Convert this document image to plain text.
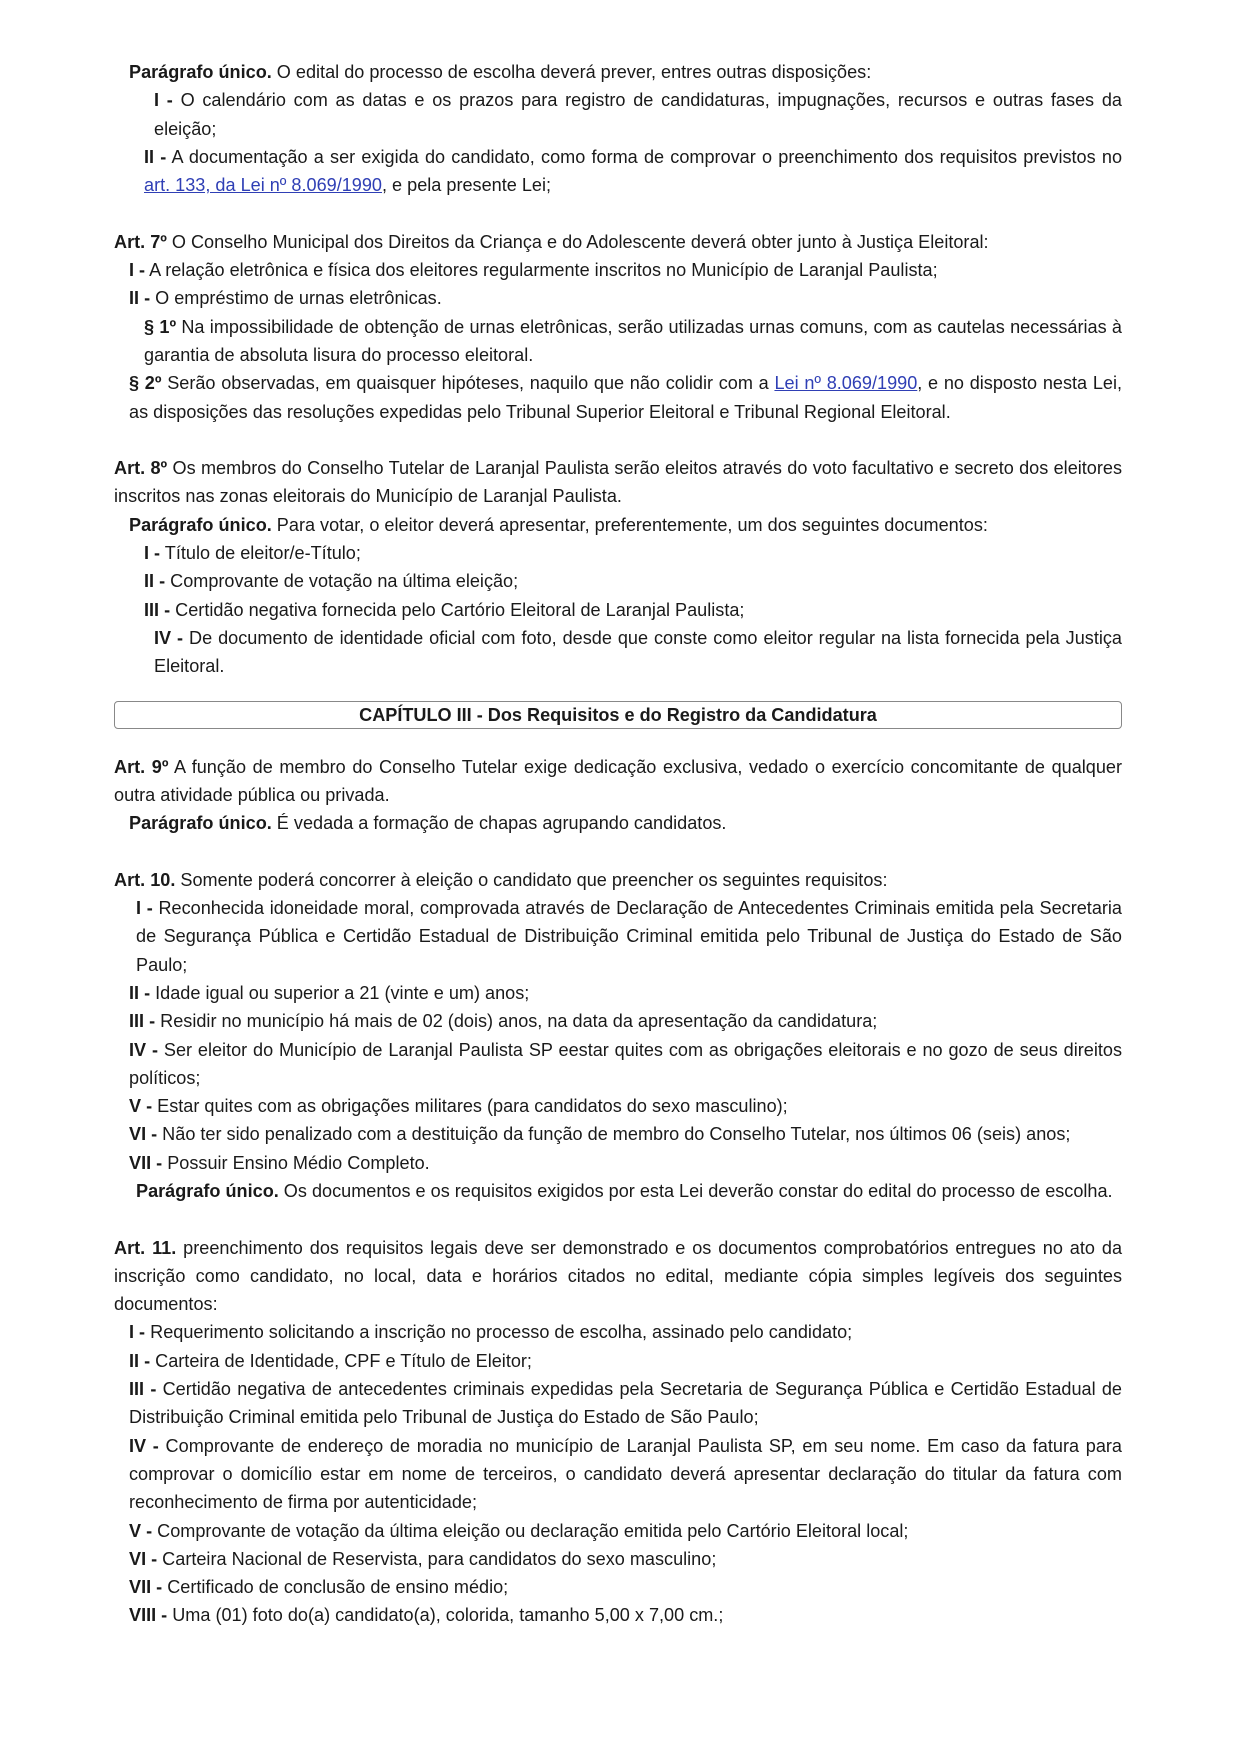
Parágrafo único. O edital do processo de escolha deverá prever, entres outras disposições:

I - O calendário com as datas e os prazos para registro de candidaturas, impugnações, recursos e outras fases da eleição;

II - A documentação a ser exigida do candidato, como forma de comprovar o preenchimento dos requisitos previstos no art. 133, da Lei nº 8.069/1990, e pela presente Lei;

Art. 7º O Conselho Municipal dos Direitos da Criança e do Adolescente deverá obter junto à Justiça Eleitoral:

I - A relação eletrônica e física dos eleitores regularmente inscritos no Município de Laranjal Paulista;

II - O empréstimo de urnas eletrônicas.

§ 1º Na impossibilidade de obtenção de urnas eletrônicas, serão utilizadas urnas comuns, com as cautelas necessárias à garantia de absoluta lisura do processo eleitoral.

§ 2º Serão observadas, em quaisquer hipóteses, naquilo que não colidir com a Lei nº 8.069/1990, e no disposto nesta Lei, as disposições das resoluções expedidas pelo Tribunal Superior Eleitoral e Tribunal Regional Eleitoral.

Art. 8º Os membros do Conselho Tutelar de Laranjal Paulista serão eleitos através do voto facultativo e secreto dos eleitores inscritos nas zonas eleitorais do Município de Laranjal Paulista.

Parágrafo único. Para votar, o eleitor deverá apresentar, preferentemente, um dos seguintes documentos:

I - Título de eleitor/e-Título;

II - Comprovante de votação na última eleição;

III - Certidão negativa fornecida pelo Cartório Eleitoral de Laranjal Paulista;

IV - De documento de identidade oficial com foto, desde que conste como eleitor regular na lista fornecida pela Justiça Eleitoral.

CAPÍTULO III - Dos Requisitos e do Registro da Candidatura

Art. 9º A função de membro do Conselho Tutelar exige dedicação exclusiva, vedado o exercício concomitante de qualquer outra atividade pública ou privada.

Parágrafo único. É vedada a formação de chapas agrupando candidatos.

Art. 10. Somente poderá concorrer à eleição o candidato que preencher os seguintes requisitos:

I - Reconhecida idoneidade moral, comprovada através de Declaração de Antecedentes Criminais emitida pela Secretaria de Segurança Pública e Certidão Estadual de Distribuição Criminal emitida pelo Tribunal de Justiça do Estado de São Paulo;

II - Idade igual ou superior a 21 (vinte e um) anos;

III - Residir no município há mais de 02 (dois) anos, na data da apresentação da candidatura;

IV - Ser eleitor do Município de Laranjal Paulista SP eestar quites com as obrigações eleitorais e no gozo de seus direitos políticos;

V - Estar quites com as obrigações militares (para candidatos do sexo masculino);

VI - Não ter sido penalizado com a destituição da função de membro do Conselho Tutelar, nos últimos 06 (seis) anos;

VII - Possuir Ensino Médio Completo.

Parágrafo único. Os documentos e os requisitos exigidos por esta Lei deverão constar do edital do processo de escolha.

Art. 11. preenchimento dos requisitos legais deve ser demonstrado e os documentos comprobatórios entregues no ato da inscrição como candidato, no local, data e horários citados no edital, mediante cópia simples legíveis dos seguintes documentos:

I - Requerimento solicitando a inscrição no processo de escolha, assinado pelo candidato;

II - Carteira de Identidade, CPF e Título de Eleitor;

III - Certidão negativa de antecedentes criminais expedidas pela Secretaria de Segurança Pública e Certidão Estadual de Distribuição Criminal emitida pelo Tribunal de Justiça do Estado de São Paulo;

IV - Comprovante de endereço de moradia no município de Laranjal Paulista SP, em seu nome. Em caso da fatura para comprovar o domicílio estar em nome de terceiros, o candidato deverá apresentar declaração do titular da fatura com reconhecimento de firma por autenticidade;

V - Comprovante de votação da última eleição ou declaração emitida pelo Cartório Eleitoral local;

VI - Carteira Nacional de Reservista, para candidatos do sexo masculino;

VII - Certificado de conclusão de ensino médio;

VIII - Uma (01) foto do(a) candidato(a), colorida, tamanho 5,00 x 7,00 cm.;
